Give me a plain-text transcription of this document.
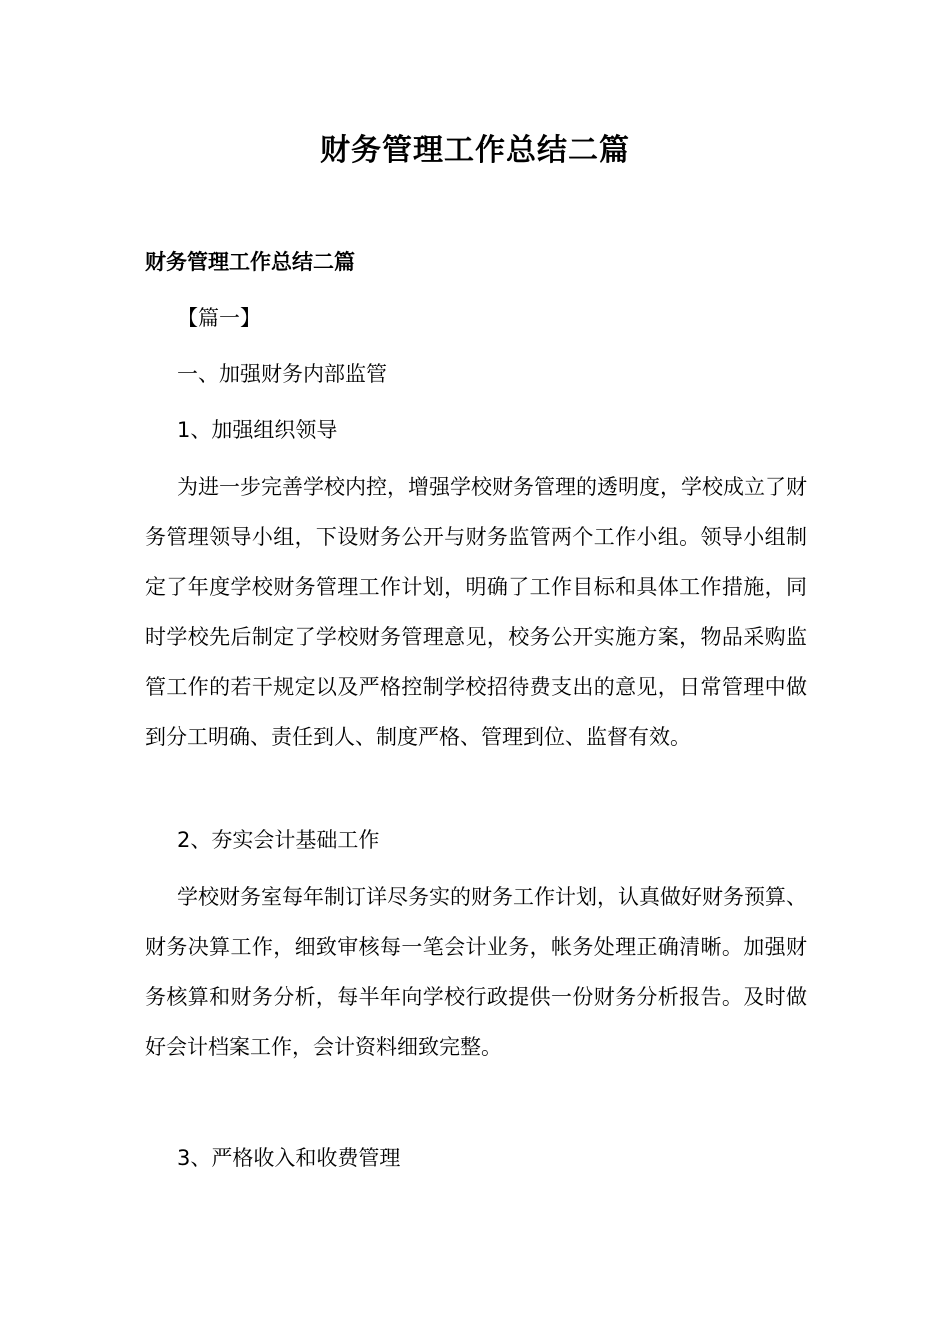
财务管理工作总结二篇
财务管理工作总结二篇
【篇一】
一、加强财务内部监管
1、加强组织领导
为进一步完善学校内控，增强学校财务管理的透明度，学校成立了财务管理领导小组，下设财务公开与财务监管两个工作小组。领导小组制定了年度学校财务管理工作计划，明确了工作目标和具体工作措施，同时学校先后制定了学校财务管理意见，校务公开实施方案，物品采购监管工作的若干规定以及严格控制学校招待费支出的意见，日常管理中做到分工明确、责任到人、制度严格、管理到位、监督有效。
2、夯实会计基础工作
学校财务室每年制订详尽务实的财务工作计划，认真做好财务预算、财务决算工作，细致审核每一笔会计业务，帐务处理正确清晰。加强财务核算和财务分析，每半年向学校行政提供一份财务分析报告。及时做好会计档案工作，会计资料细致完整。
3、严格收入和收费管理
